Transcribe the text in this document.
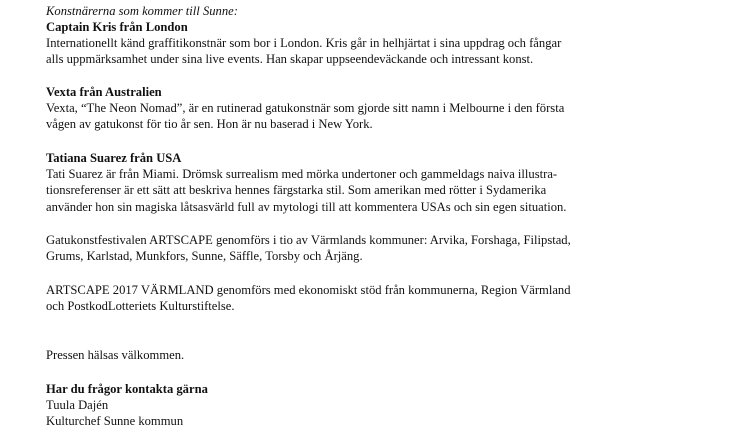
Konstnärerna som kommer till Sunne:
Captain Kris från London
Internationellt känd graffitikonstnär som bor i London. Kris går in helhjärtat i sina uppdrag och fångar
alls uppmärksamhet under sina live events. Han skapar uppseendeväckande och intressant konst.
Vexta från Australien
Vexta, “The Neon Nomad”, är en rutinerad gatukonstnär som gjorde sitt namn i Melbourne i den första
vågen av gatukonst för tio år sen. Hon är nu baserad i New York.
Tatiana Suarez från USA
Tati Suarez är från Miami. Drömsk surrealism med mörka undertoner och gammeldags naiva illustra-
tionsreferenser är ett sätt att beskriva hennes färgstarka stil. Som amerikan med rötter i Sydamerika
använder hon sin magiska låtsasvärld full av mytologi till att kommentera USAs och sin egen situation.
Gatukonstfestivalen ARTSCAPE genomförs i tio av Värmlands kommuner: Arvika, Forshaga, Filipstad,
Grums, Karlstad, Munkfors, Sunne, Säffle, Torsby och Årjäng.
ARTSCAPE 2017 VÄRMLAND genomförs med ekonomiskt stöd från kommunerna, Region Värmland
och PostkodLotteriets Kulturstiftelse.
Pressen hälsas välkommen.
Har du frågor kontakta gärna
Tuula Dajén
Kulturchef Sunne kommun
